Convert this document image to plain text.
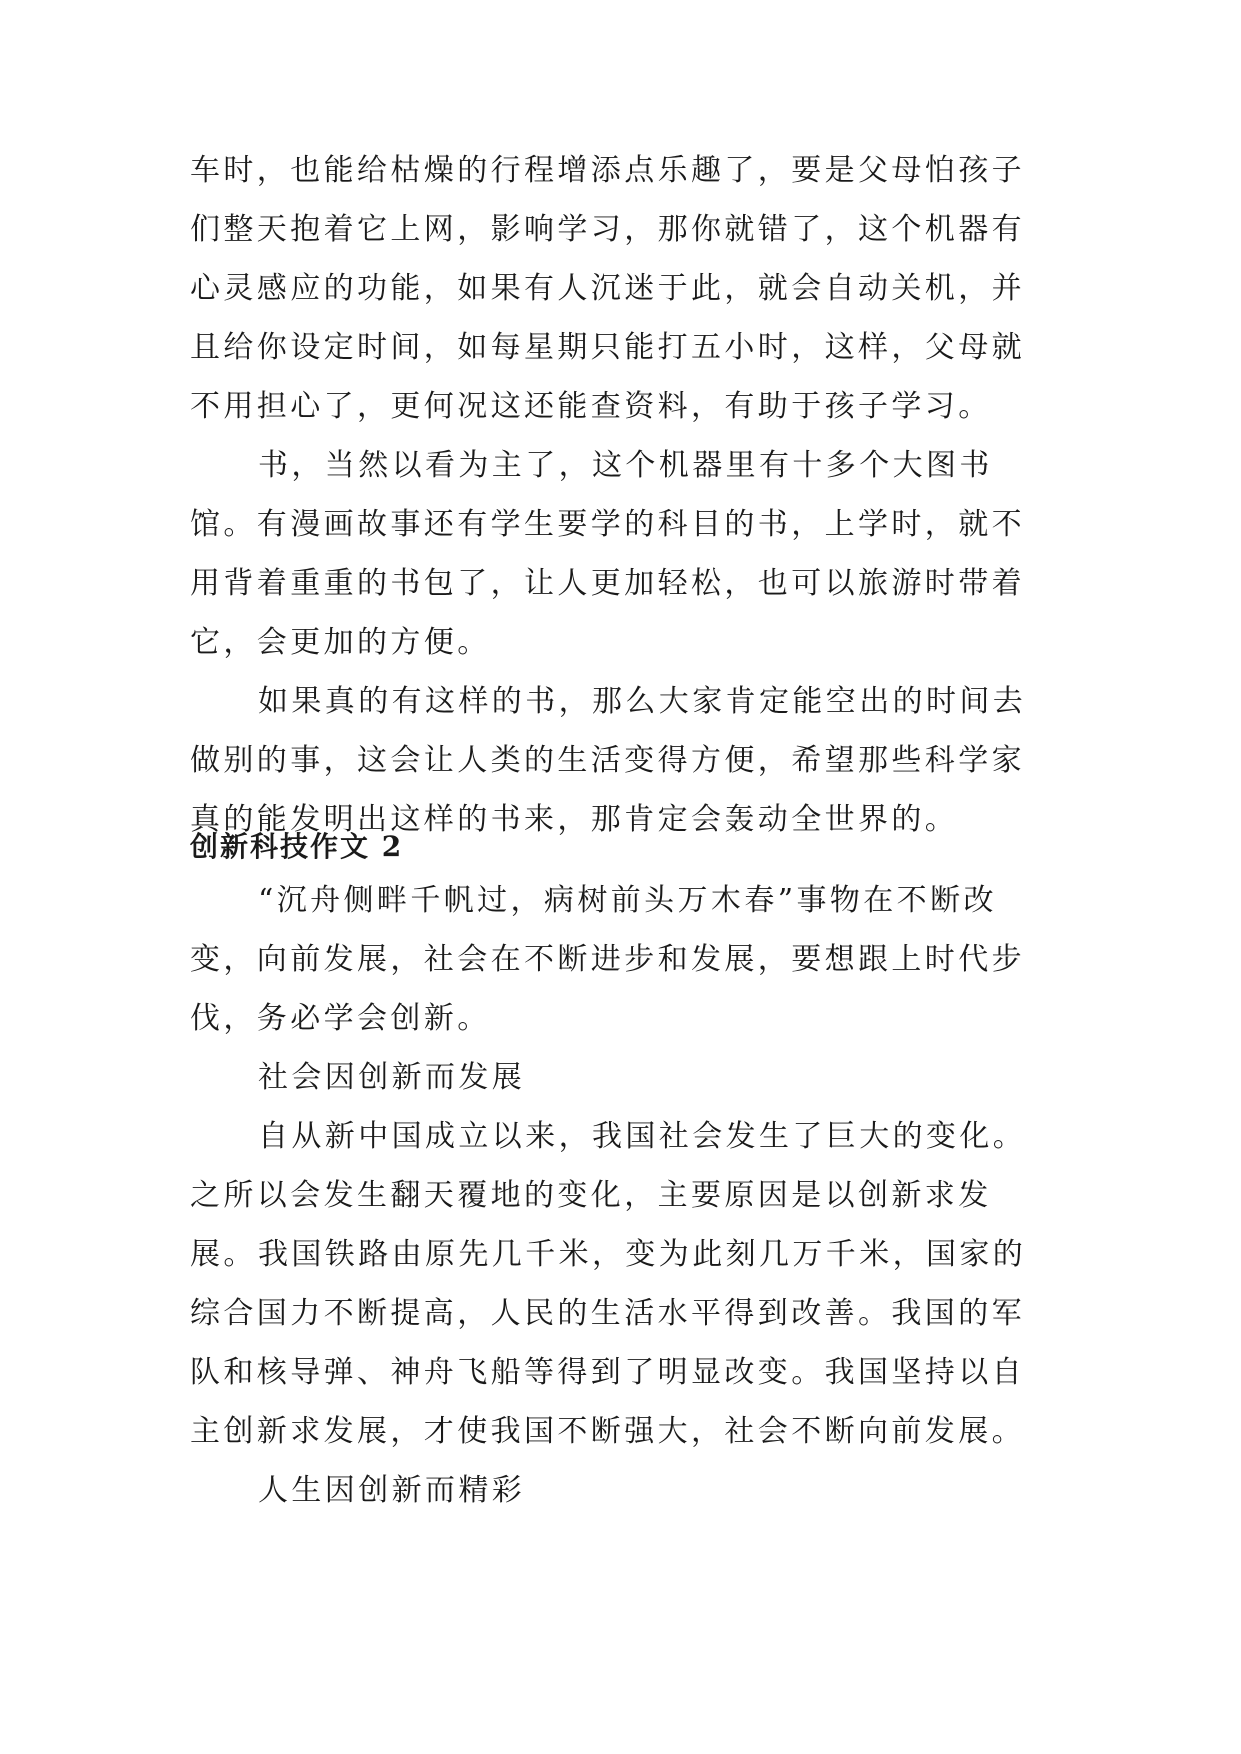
车时，也能给枯燥的行程增添点乐趣了，要是父母怕孩子们整天抱着它上网，影响学习，那你就错了，这个机器有心灵感应的功能，如果有人沉迷于此，就会自动关机，并且给你设定时间，如每星期只能打五小时，这样，父母就不用担心了，更何况这还能查资料，有助于孩子学习。

书，当然以看为主了，这个机器里有十多个大图书馆。有漫画故事还有学生要学的科目的书，上学时，就不用背着重重的书包了，让人更加轻松，也可以旅游时带着它，会更加的方便。

如果真的有这样的书，那么大家肯定能空出的时间去做别的事，这会让人类的生活变得方便，希望那些科学家真的能发明出这样的书来，那肯定会轰动全世界的。

创新科技作文 2

“沉舟侧畔千帆过，病树前头万木春”事物在不断改变，向前发展，社会在不断进步和发展，要想跟上时代步伐，务必学会创新。

社会因创新而发展

自从新中国成立以来，我国社会发生了巨大的变化。之所以会发生翻天覆地的变化，主要原因是以创新求发展。 我国铁路由原先几千米，变为此刻几万千米，国家的综合国力不断提高，人民的生活水平得到改善。我国的军队和核导弹、神舟飞船等得到了明显改变。我国坚持以自主创新求发展，才使我国不断强大，社会不断向前发展。

人生因创新而精彩
